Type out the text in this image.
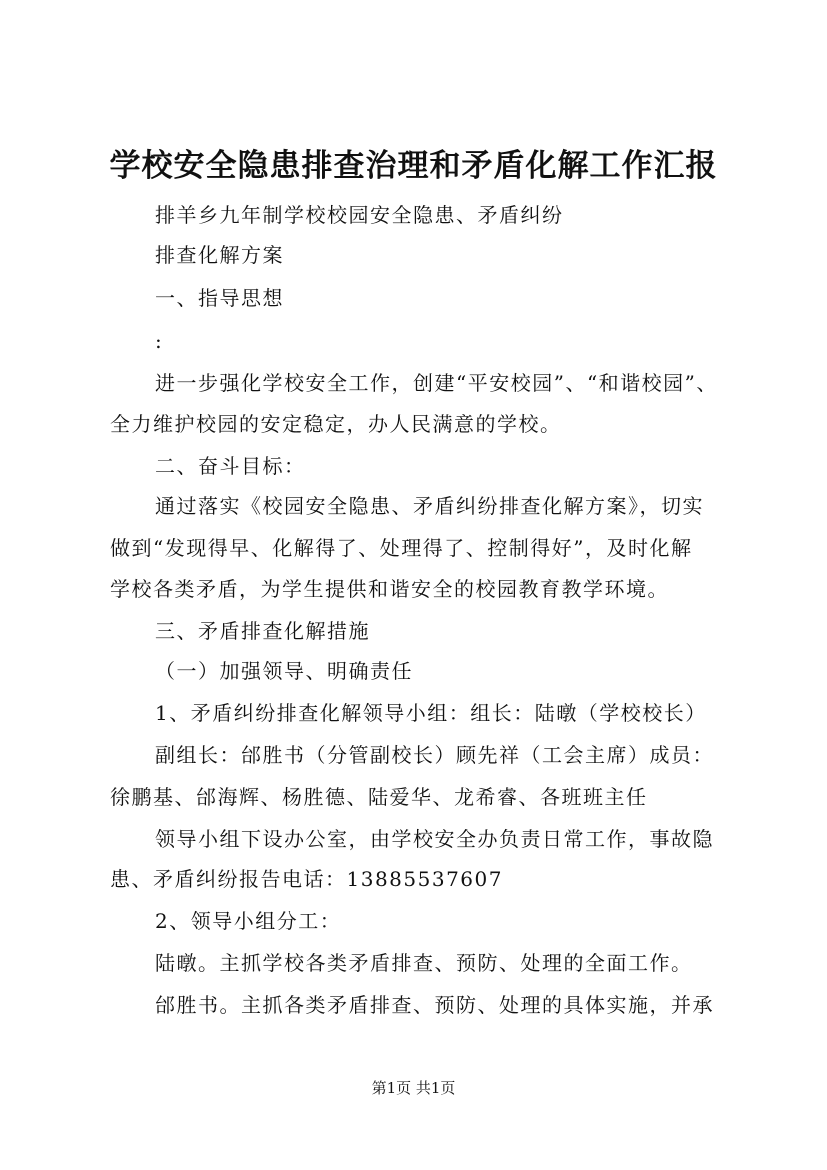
学校安全隐患排查治理和矛盾化解工作汇报
排羊乡九年制学校校园安全隐患、矛盾纠纷
排查化解方案
一、指导思想
:
进一步强化学校安全工作，创建“平安校园”、“和谐校园”、
全力维护校园的安定稳定，办人民满意的学校。
二、奋斗目标：
通过落实《校园安全隐患、矛盾纠纷排查化解方案》，切实
做到“发现得早、化解得了、处理得了、控制得好”，及时化解
学校各类矛盾，为学生提供和谐安全的校园教育教学环境。
三、矛盾排查化解措施
（一）加强领导、明确责任
1、矛盾纠纷排查化解领导小组：组长：陆暾（学校校长）
副组长：邰胜书（分管副校长）顾先祥（工会主席）成员：
徐鹏基、邰海辉、杨胜德、陆爱华、龙希睿、各班班主任
领导小组下设办公室，由学校安全办负责日常工作，事故隐
患、矛盾纠纷报告电话：13885537607
2、领导小组分工：
陆暾。主抓学校各类矛盾排查、预防、处理的全面工作。
邰胜书。主抓各类矛盾排查、预防、处理的具体实施，并承
第1页 共1页
